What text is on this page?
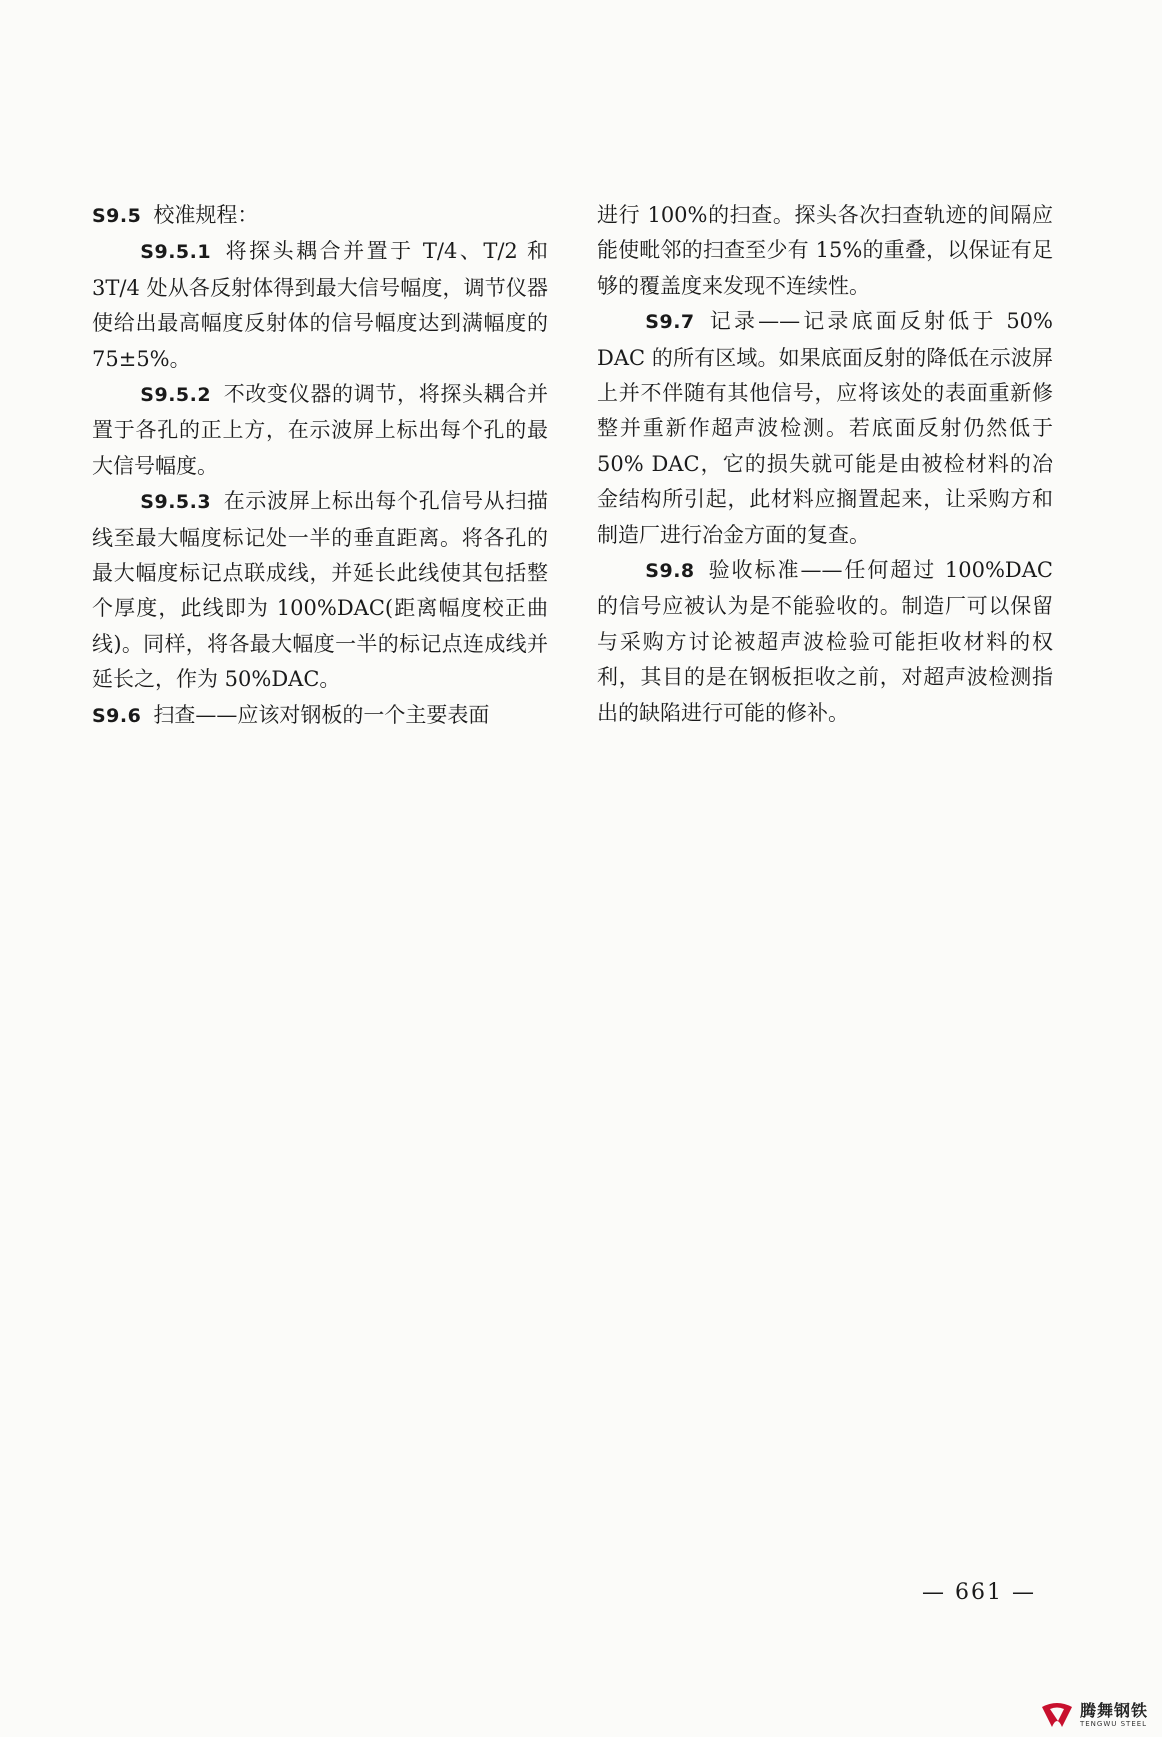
S9.5 校准规程：

S9.5.1 将探头耦合并置于 T/4、T/2 和 3T/4 处从各反射体得到最大信号幅度，调节仪器使给出最高幅度反射体的信号幅度达到满幅度的 75±5%。

S9.5.2 不改变仪器的调节，将探头耦合并置于各孔的正上方，在示波屏上标出每个孔的最大信号幅度。

S9.5.3 在示波屏上标出每个孔信号从扫描线至最大幅度标记处一半的垂直距离。将各孔的最大幅度标记点联成线，并延长此线使其包括整个厚度，此线即为 100%DAC(距离幅度校正曲线)。同样，将各最大幅度一半的标记点连成线并延长之，作为 50%DAC。

S9.6 扫查——应该对钢板的一个主要表面

进行 100%的扫查。探头各次扫查轨迹的间隔应能使毗邻的扫查至少有 15%的重叠，以保证有足够的覆盖度来发现不连续性。

S9.7 记录——记录底面反射低于 50% DAC 的所有区域。如果底面反射的降低在示波屏上并不伴随有其他信号，应将该处的表面重新修整并重新作超声波检测。若底面反射仍然低于 50% DAC，它的损失就可能是由被检材料的冶金结构所引起，此材料应搁置起来，让采购方和制造厂进行冶金方面的复查。

S9.8 验收标准——任何超过 100%DAC 的信号应被认为是不能验收的。制造厂可以保留与采购方讨论被超声波检验可能拒收材料的权利，其目的是在钢板拒收之前，对超声波检测指出的缺陷进行可能的修补。

— 661 —
腾舞钢铁
TENGWU STEEL
